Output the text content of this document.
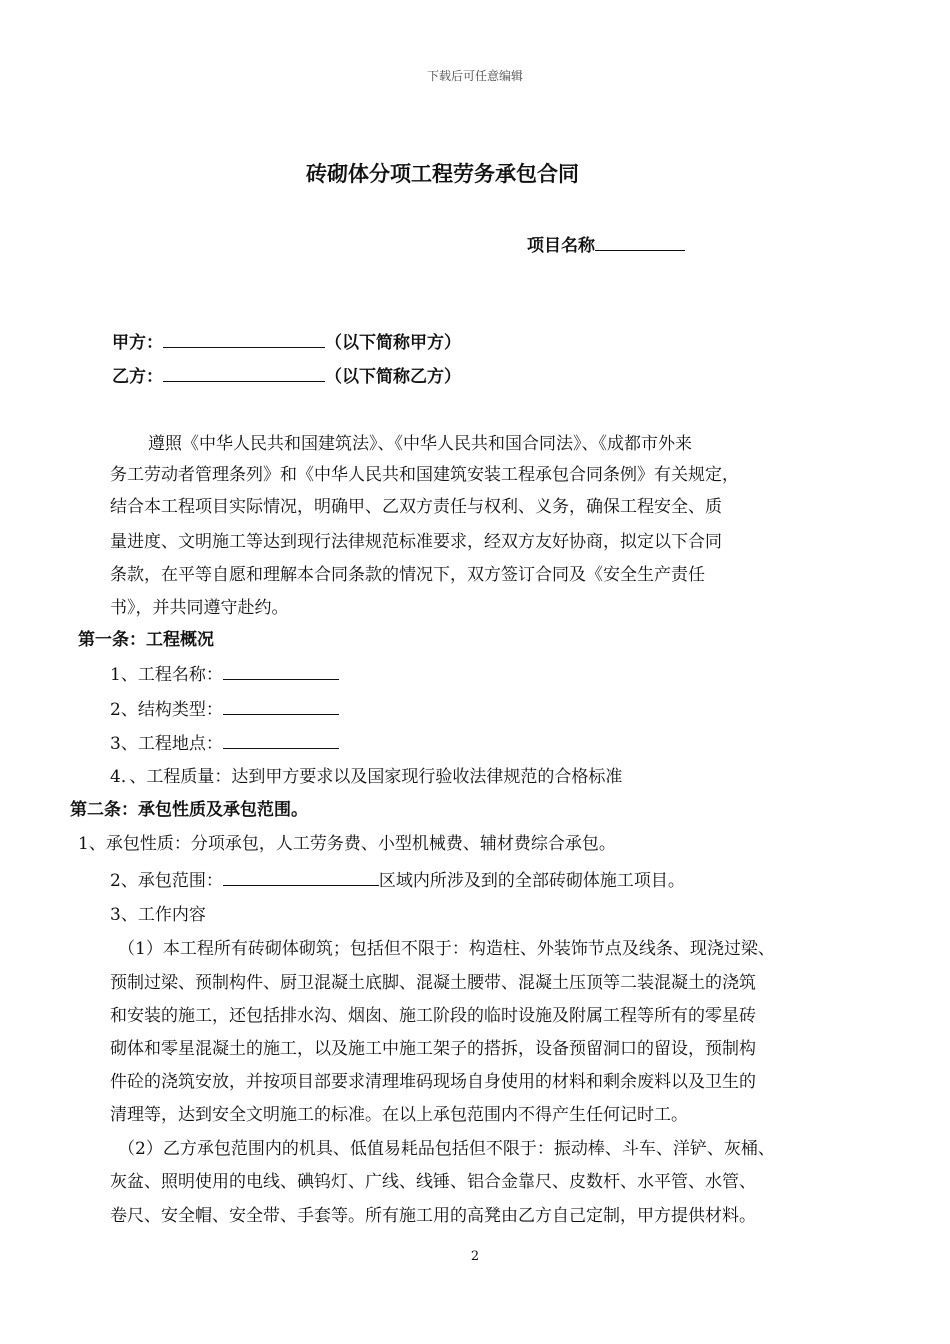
下载后可任意编辑
砖砌体分项工程劳务承包合同
项目名称
甲方：	（以下简称甲方）
乙方：	（以下简称乙方）
遵照《中华人民共和国建筑法》、《中华人民共和国合同法》、《成都市外来
务工劳动者管理条列》和《中华人民共和国建筑安装工程承包合同条例》有关规定，
结合本工程项目实际情况，明确甲、乙双方责任与权利、义务，确保工程安全、质
量进度、文明施工等达到现行法律规范标准要求，经双方友好协商，拟定以下合同
条款，在平等自愿和理解本合同条款的情况下，双方签订合同及《安全生产责任
书》，并共同遵守赴约。
第一条：工程概况
1、工程名称：
2、结构类型：
3、工程地点：
4．、工程质量：达到甲方要求以及国家现行验收法律规范的合格标准
第二条：承包性质及承包范围。
1、承包性质：分项承包，人工劳务费、小型机械费、辅材费综合承包。
2、承包范围：	区域内所涉及到的全部砖砌体施工项目。
3、工作内容
（1）本工程所有砖砌体砌筑；包括但不限于：构造柱、外装饰节点及线条、现浇过梁、
预制过梁、预制构件、厨卫混凝土底脚、混凝土腰带、混凝土压顶等二装混凝土的浇筑
和安装的施工，还包括排水沟、烟囱、施工阶段的临时设施及附属工程等所有的零星砖
砌体和零星混凝土的施工，以及施工中施工架子的搭拆，设备预留洞口的留设，预制构
件砼的浇筑安放，并按项目部要求清理堆码现场自身使用的材料和剩余废料以及卫生的
清理等，达到安全文明施工的标准。在以上承包范围内不得产生任何记时工。
（2）乙方承包范围内的机具、低值易耗品包括但不限于：振动棒、斗车、洋铲、灰桶、
灰盆、照明使用的电线、碘钨灯、广线、线锤、铝合金靠尺、皮数杆、水平管、水管、
卷尺、安全帽、安全带、手套等。所有施工用的高凳由乙方自己定制，甲方提供材料。
2
